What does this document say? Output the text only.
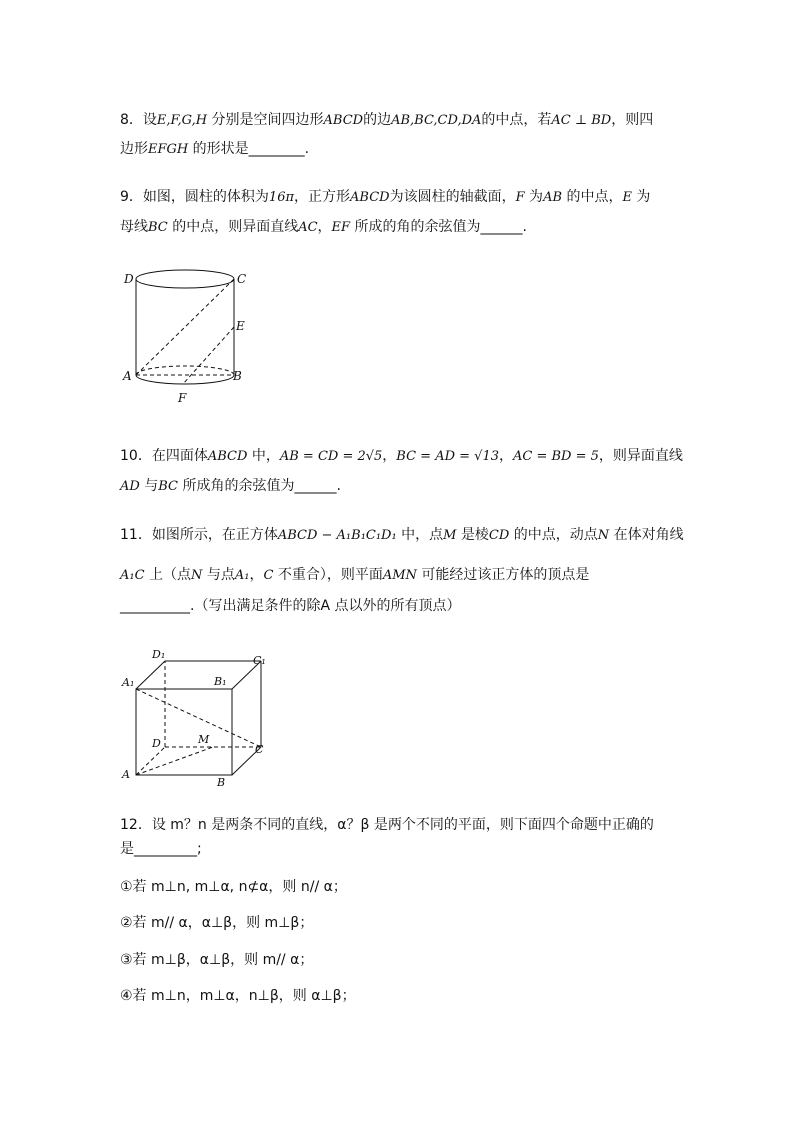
8．设E,F,G,H 分别是空间四边形ABCD的边AB,BC,CD,DA的中点，若AC ⊥ BD，则四
边形EFGH 的形状是________.
9．如图，圆柱的体积为16π，正方形ABCD为该圆柱的轴截面，F 为AB 的中点，E 为
母线BC 的中点，则异面直线AC，EF 所成的角的余弦值为______.
D	C
E
A	B
F
10．在四面体ABCD 中，AB = CD = 2√5，BC = AD = √13，AC = BD = 5，则异面直线
AD 与BC 所成角的余弦值为______.
11．如图所示，在正方体ABCD − A₁B₁C₁D₁ 中，点M 是棱CD 的中点，动点N 在体对角线
A₁C 上（点N 与点A₁，C 不重合），则平面AMN 可能经过该正方体的顶点是
__________.（写出满足条件的除A 点以外的所有顶点）
D₁	C₁
A₁	B₁
D	M
C
A
B
12．设 m？n 是两条不同的直线，α？β 是两个不同的平面，则下面四个命题中正确的
是_________;
①若 m⊥n, m⊥α, n⊄α，则 n// α；
②若 m// α，α⊥β，则 m⊥β；
③若 m⊥β，α⊥β，则 m// α；
④若 m⊥n，m⊥α，n⊥β，则 α⊥β；
